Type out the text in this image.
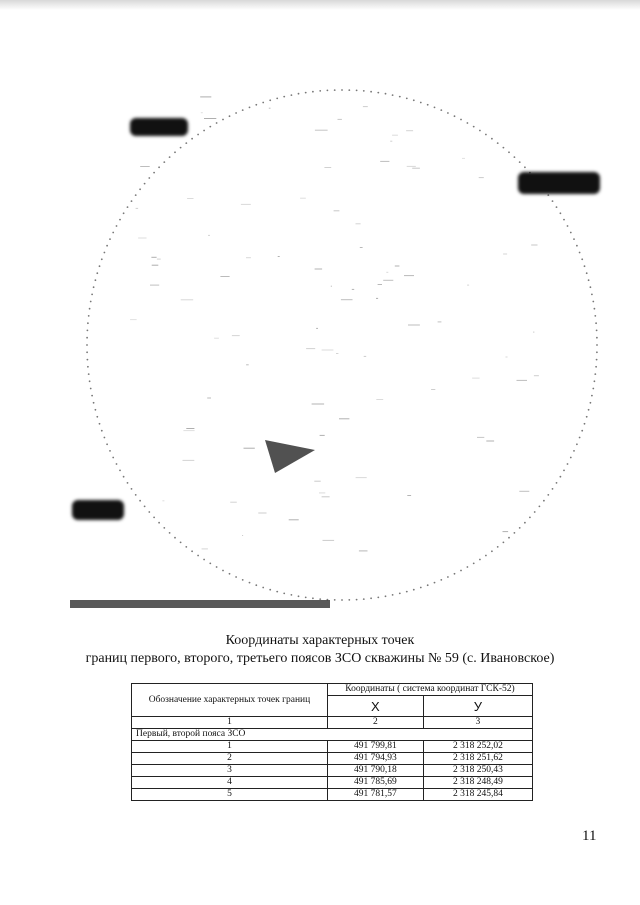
Координаты характерных точек
границ первого, второго, третьего поясов ЗСО скважины № 59 (с. Ивановское)
Обозначение характерных точек границ	Координаты ( система координат ГСК-52)	
	X	У
1	2	3
Первый, второй пояса ЗСО		
1	491 799,81	2 318 252,02
2	491 794,93	2 318 251,62
3	491 790,18	2 318 250,43
4	491 785,69	2 318 248,49
5	491 781,57	2 318 245,84
11
